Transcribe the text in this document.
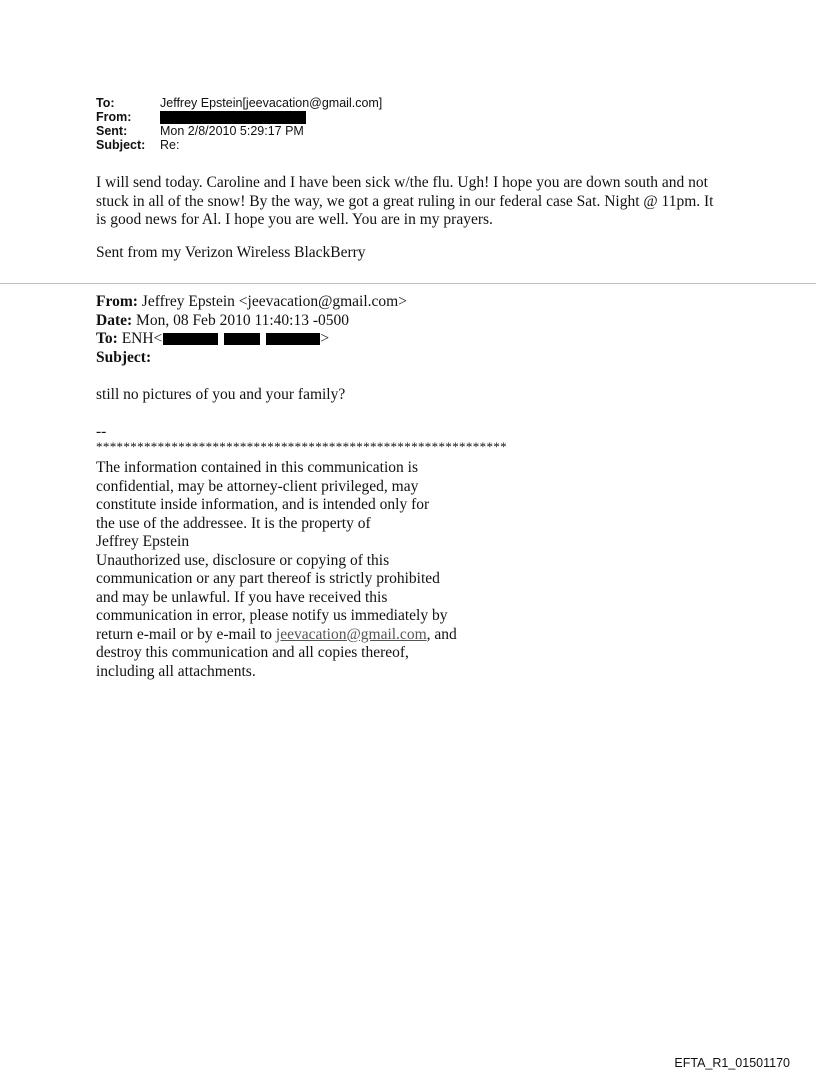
To:	Jeffrey Epstein[jeevacation@gmail.com]
From:
Sent:	Mon 2/8/2010 5:29:17 PM
Subject:	Re:

I will send today. Caroline and I have been sick w/the flu. Ugh! I hope you are down south and not stuck in all of the snow! By the way, we got a great ruling in our federal case Sat. Night @ 11pm. It is good news for Al. I hope you are well. You are in my prayers.

Sent from my Verizon Wireless BlackBerry
From: Jeffrey Epstein <jeevacation@gmail.com>
Date: Mon, 08 Feb 2010 11:40:13 -0500
To: ENH<	>
Subject:
still no pictures of you and your family?
--
************************************************************
The information contained in this communication is
confidential, may be attorney-client privileged, may
constitute inside information, and is intended only for
the use of the addressee. It is the property of
Jeffrey Epstein
Unauthorized use, disclosure or copying of this
communication or any part thereof is strictly prohibited
and may be unlawful. If you have received this
communication in error, please notify us immediately by
return e-mail or by e-mail to jeevacation@gmail.com, and
destroy this communication and all copies thereof,
including all attachments.
EFTA_R1_01501170
